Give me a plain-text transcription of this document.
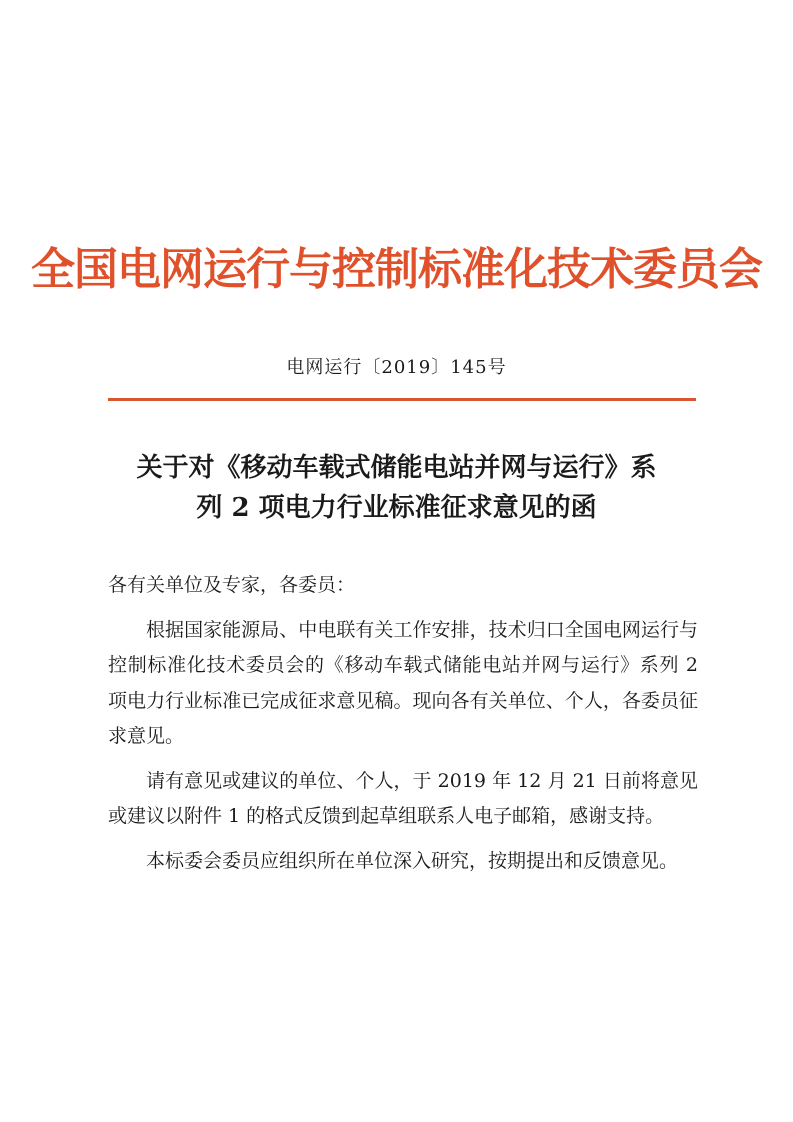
全国电网运行与控制标准化技术委员会
电网运行〔2019〕145号
关于对《移动车载式储能电站并网与运行》系
列 2 项电力行业标准征求意见的函

各有关单位及专家，各委员：

根据国家能源局、中电联有关工作安排，技术归口全国电网运行与控制标准化技术委员会的《移动车载式储能电站并网与运行》系列 2 项电力行业标准已完成征求意见稿。现向各有关单位、个人，各委员征求意见。

请有意见或建议的单位、个人，于 2019 年 12 月 21 日前将意见或建议以附件 1 的格式反馈到起草组联系人电子邮箱，感谢支持。

本标委会委员应组织所在单位深入研究，按期提出和反馈意见。
